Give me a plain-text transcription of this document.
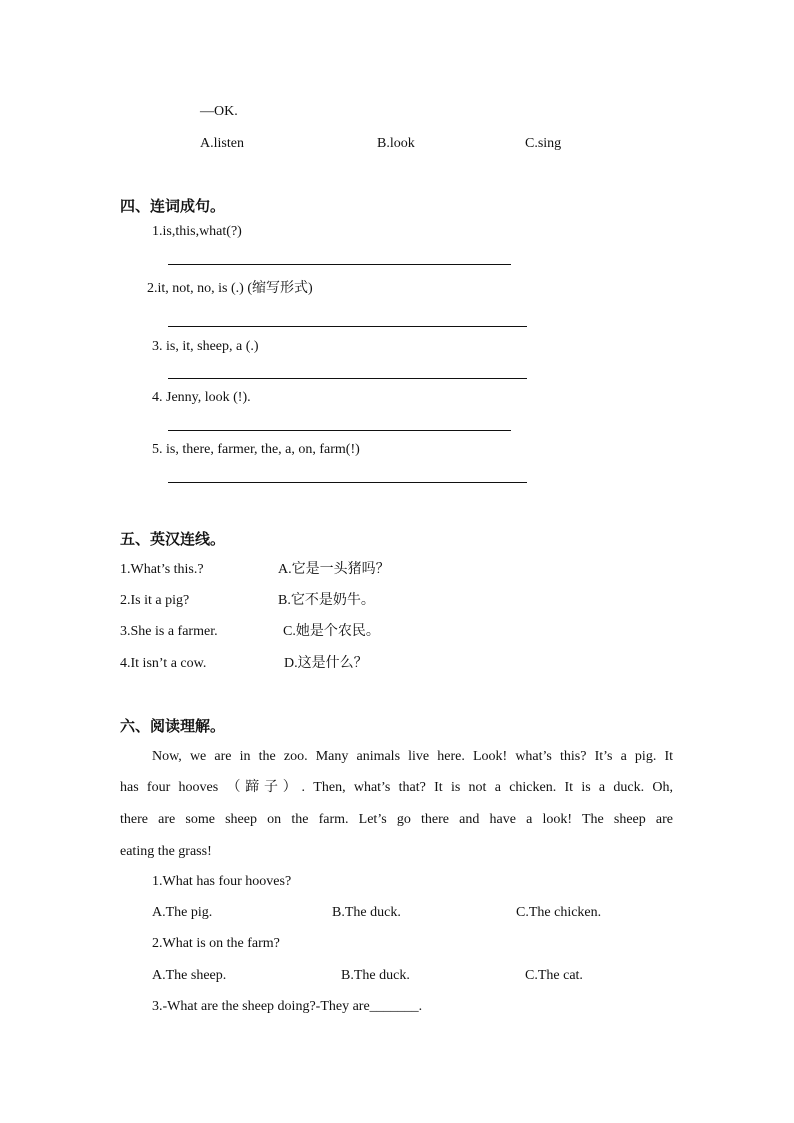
—OK.
A.listen	B.look	C.sing
四、连词成句。
1.is,this,what(?)
2.it, not, no, is (.) (缩写形式)
3. is, it, sheep, a (.)
4. Jenny, look (!).
5. is, there, farmer, the, a, on, farm(!)
五、英汉连线。
1.What’s this.?	A.它是一头猪吗？
2.Is it a pig?	B.它不是奶牛。
3.She is a farmer.	C.她是个农民。
4.It isn’t a cow.	D.这是什么？
六、阅读理解。
Now, we are in the zoo. Many animals live here. Look! what’s this? It’s a pig. It
has four hooves （蹄子）. Then, what’s that? It is not a chicken. It is a duck. Oh,
there are some sheep on the farm. Let’s go there and have a look! The sheep are
eating the grass!
1.What has four hooves?
A.The pig.	B.The duck.	C.The chicken.
2.What is on the farm?
A.The sheep.	B.The duck.	C.The cat.
3.-What are the sheep doing?-They are_______.
